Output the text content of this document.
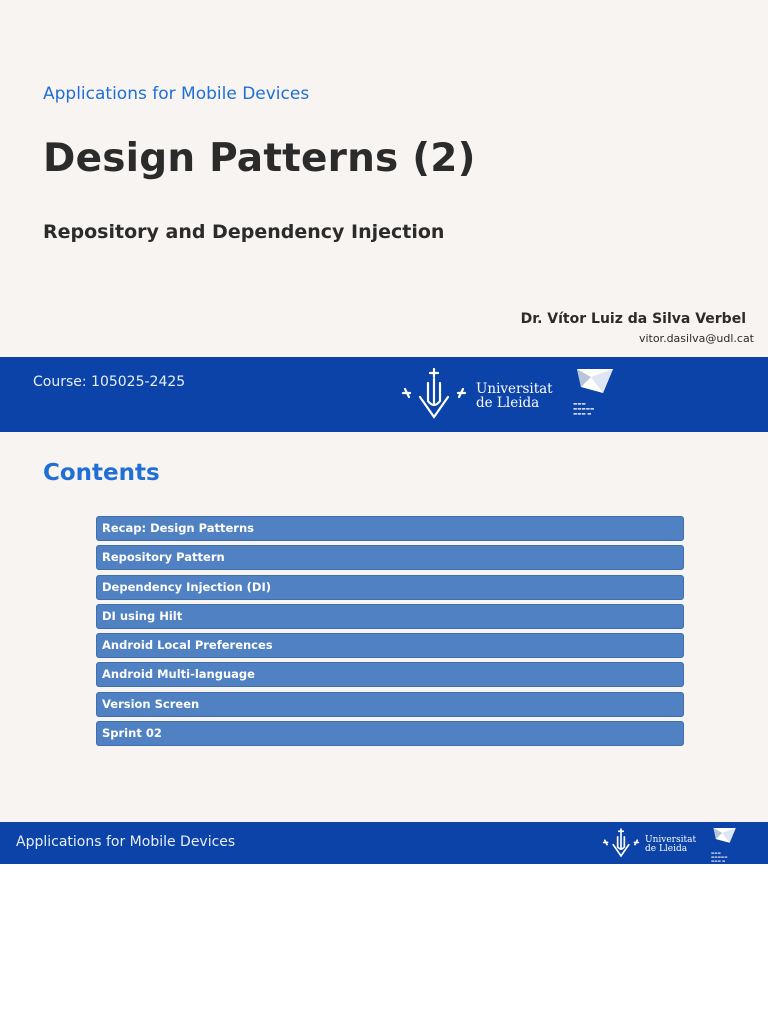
Applications for Mobile Devices
Design Patterns (2)
Repository and Dependency Injection
Dr. Vítor Luiz da Silva Verbel
vitor.dasilva@udl.cat
Course: 105025-2425	Universitat
de Lleida	▬▬▬
▬▬▬▬▬
▬▬▬ ▬
Contents
Recap: Design Patterns
Repository Pattern
Dependency Injection (DI)
DI using Hilt
Android Local Preferences
Android Multi-language
Version Screen
Sprint 02
Applications for Mobile Devices	Universitat
de Lleida	▬▬▬
▬▬▬▬▬
▬▬▬ ▬
